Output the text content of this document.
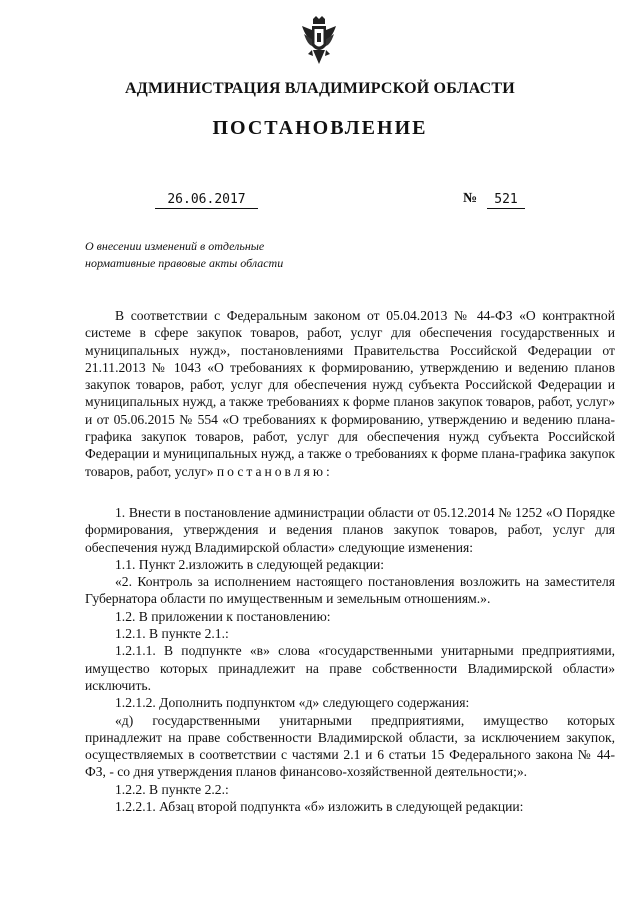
АДМИНИСТРАЦИЯ ВЛАДИМИРСКОЙ ОБЛАСТИ
ПОСТАНОВЛЕНИЕ
26.06.2017	№	521
О внесении изменений в отдельные
нормативные правовые акты области

В соответствии с Федеральным законом от 05.04.2013 № 44-ФЗ «О контрактной системе в сфере закупок товаров, работ, услуг для обеспечения государственных и муниципальных нужд», постановлениями Правительства Российской Федерации от 21.11.2013 № 1043 «О требованиях к формированию, утверждению и ведению планов закупок товаров, работ, услуг для обеспечения нужд субъекта Российской Федерации и муниципальных нужд, а также требованиях к форме планов закупок товаров, работ, услуг» и от 05.06.2015 № 554 «О требованиях к формированию, утверждению и ведению плана-графика закупок товаров, работ, услуг для обеспечения нужд субъекта Российской Федерации и муниципальных нужд, а также о требованиях к форме плана-графика закупок товаров, работ, услуг» постановляю:

1. Внести в постановление администрации области от 05.12.2014 № 1252 «О Порядке формирования, утверждения и ведения планов закупок товаров, работ, услуг для обеспечения нужд Владимирской области» следующие изменения:

1.1. Пункт 2.изложить в следующей редакции:

«2. Контроль за исполнением настоящего постановления возложить на заместителя Губернатора области по имущественным и земельным отношениям.».

1.2. В приложении к постановлению:

1.2.1. В пункте 2.1.:

1.2.1.1. В подпункте «в» слова «государственными унитарными предприятиями, имущество которых принадлежит на праве собственности Владимирской области» исключить.

1.2.1.2. Дополнить подпунктом «д» следующего содержания:

«д) государственными унитарными предприятиями, имущество которых принадлежит на праве собственности Владимирской области, за исключением закупок, осуществляемых в соответствии с частями 2.1 и 6 статьи 15 Федерального закона № 44-ФЗ, - со дня утверждения планов финансово-хозяйственной деятельности;».

1.2.2. В пункте 2.2.:

1.2.2.1. Абзац второй подпункта «б» изложить в следующей редакции:
